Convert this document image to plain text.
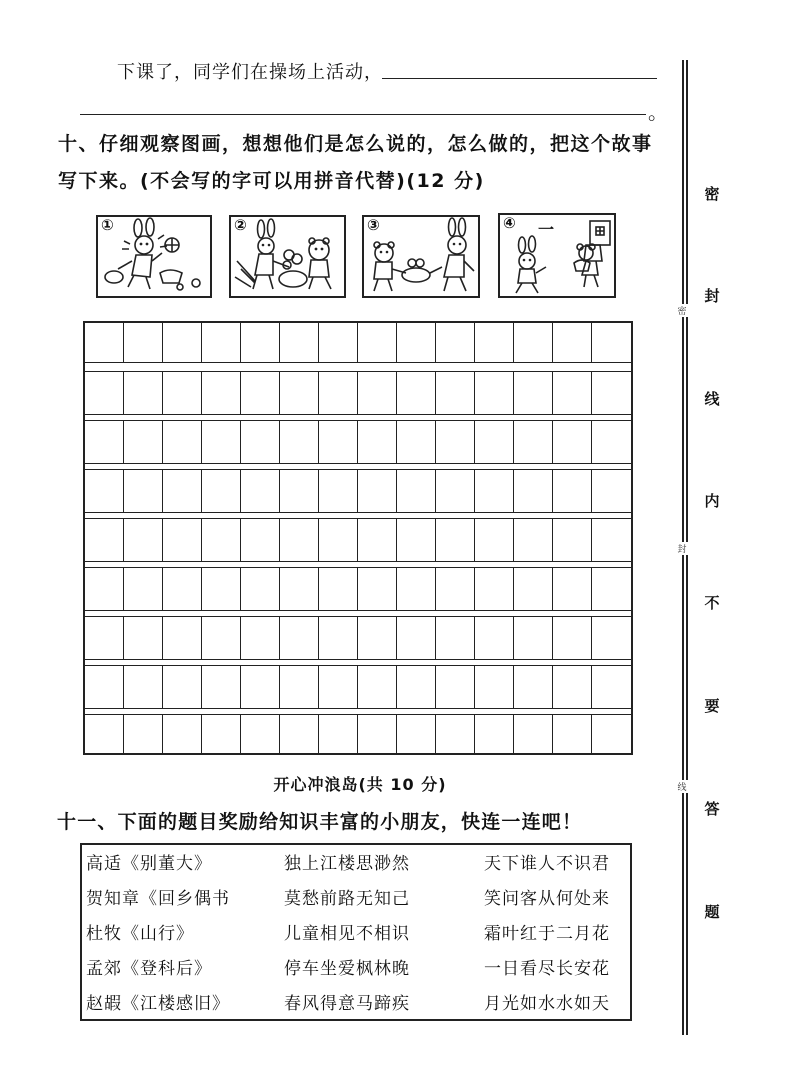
下课了，同学们在操场上活动，
。
十、仔细观察图画，想想他们是怎么说的，怎么做的，把这个故事写下来。(不会写的字可以用拼音代替)(12 分)
①	②	③	④ 一
开心冲浪岛(共 10 分)
十一、下面的题目奖励给知识丰富的小朋友，快连一连吧！
高适《别董大》	独上江楼思渺然	天下谁人不识君
贺知章《回乡偶书	莫愁前路无知己	笑问客从何处来
杜牧《山行》	儿童相见不相识	霜叶红于二月花
孟郊《登科后》	停车坐爱枫林晚	一日看尽长安花
赵嘏《江楼感旧》	春风得意马蹄疾	月光如水水如天
密
封
线
密
封
线
内
不
要
答
题
